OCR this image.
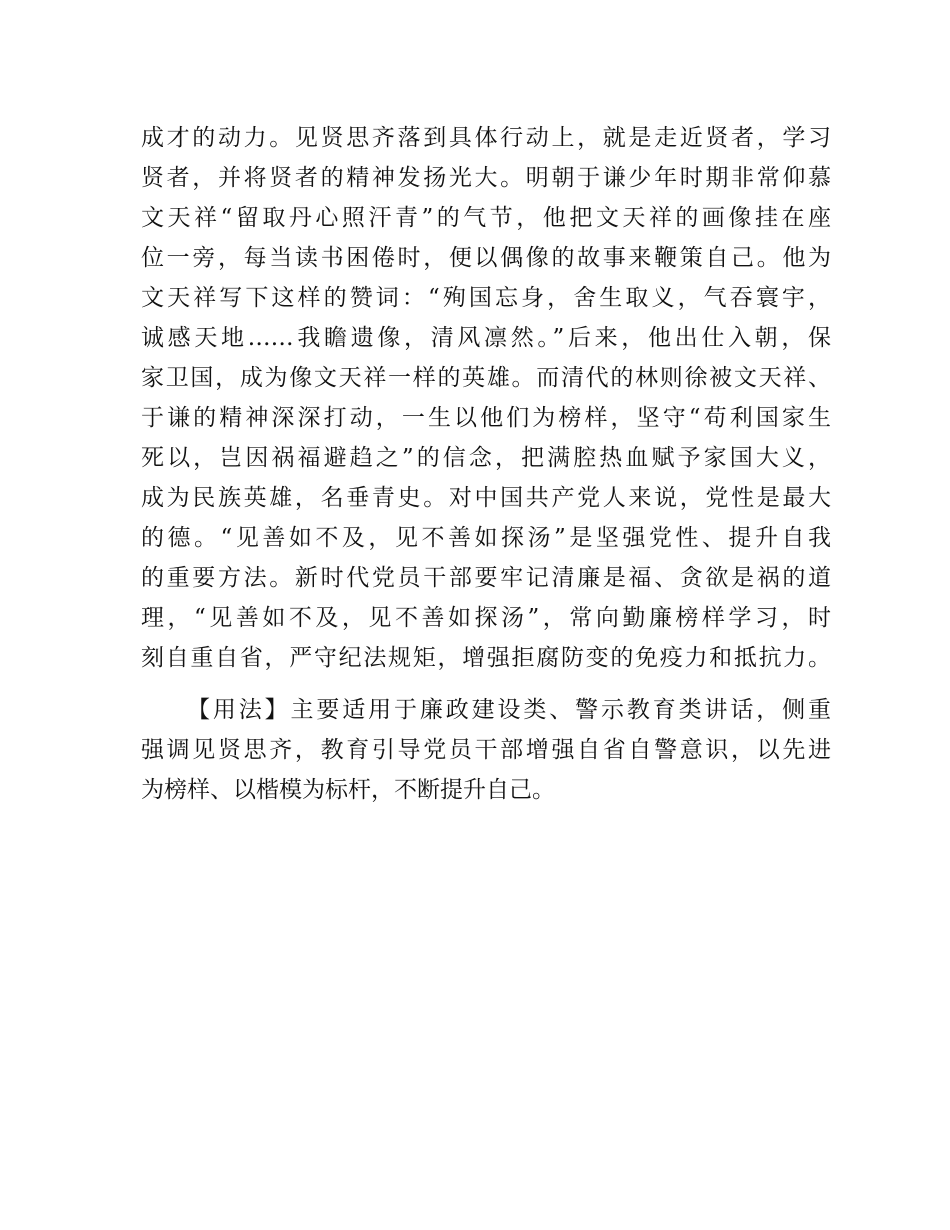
成才的动力。见贤思齐落到具体行动上，就是走近贤者，学习
贤者，并将贤者的精神发扬光大。明朝于谦少年时期非常仰慕
文天祥“留取丹心照汗青”的气节，他把文天祥的画像挂在座
位一旁，每当读书困倦时，便以偶像的故事来鞭策自己。他为
文天祥写下这样的赞词：“殉国忘身，舍生取义，气吞寰宇，
诚感天地……我瞻遗像，清风凛然。”后来，他出仕入朝，保
家卫国，成为像文天祥一样的英雄。而清代的林则徐被文天祥、
于谦的精神深深打动，一生以他们为榜样，坚守“苟利国家生
死以，岂因祸福避趋之”的信念，把满腔热血赋予家国大义，
成为民族英雄，名垂青史。对中国共产党人来说，党性是最大
的德。“见善如不及，见不善如探汤”是坚强党性、提升自我
的重要方法。新时代党员干部要牢记清廉是福、贪欲是祸的道
理，“见善如不及，见不善如探汤”，常向勤廉榜样学习，时
刻自重自省，严守纪法规矩，增强拒腐防变的免疫力和抵抗力。
【用法】主要适用于廉政建设类、警示教育类讲话，侧重
强调见贤思齐，教育引导党员干部增强自省自警意识，以先进
为榜样、以楷模为标杆，不断提升自己。
